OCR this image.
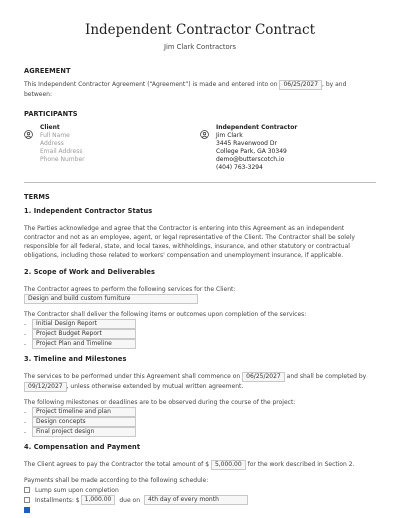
Independent Contractor Contract
Jim Clark Contractors
AGREEMENT
This Independent Contractor Agreement (“Agreement”) is made and entered into on 06/25/2027 , by and between:
PARTICIPANTS
Client
Full Name
Address
Email Address
Phone Number
Independent Contractor
Jim Clark
3445 Ravenwood Dr
College Park, GA 30349
demo@butterscotch.io
(404) 763-3294
TERMS
1. Independent Contractor Status
The Parties acknowledge and agree that the Contractor is entering into this Agreement as an independent contractor and not as an employee, agent, or legal representative of the Client. The Contractor shall be solely responsible for all federal, state, and local taxes, withholdings, insurance, and other statutory or contractual obligations, including those related to workers' compensation and unemployment insurance, if applicable.
2. Scope of Work and Deliverables
The Contractor agrees to perform the following services for the Client:
Design and build custom furniture
The Contractor shall deliver the following items or outcomes upon completion of the services:
-	Initial Design Report
-	Project Budget Report
-	Project Plan and Timeline
3. Timeline and Milestones
The services to be performed under this Agreement shall commence on 06/25/2027 and shall be completed by 09/12/2027 , unless otherwise extended by mutual written agreement.
The following milestones or deadlines are to be observed during the course of the project:
-	Project timeline and plan
-	Design concepts
-	Final project design
4. Compensation and Payment
The Client agrees to pay the Contractor the total amount of $ 5,000.00 for the work described in Section 2.
Payments shall be made according to the following schedule:
Lump sum upon completion
Installments: $ 1,000.00	due on	4th day of every month
